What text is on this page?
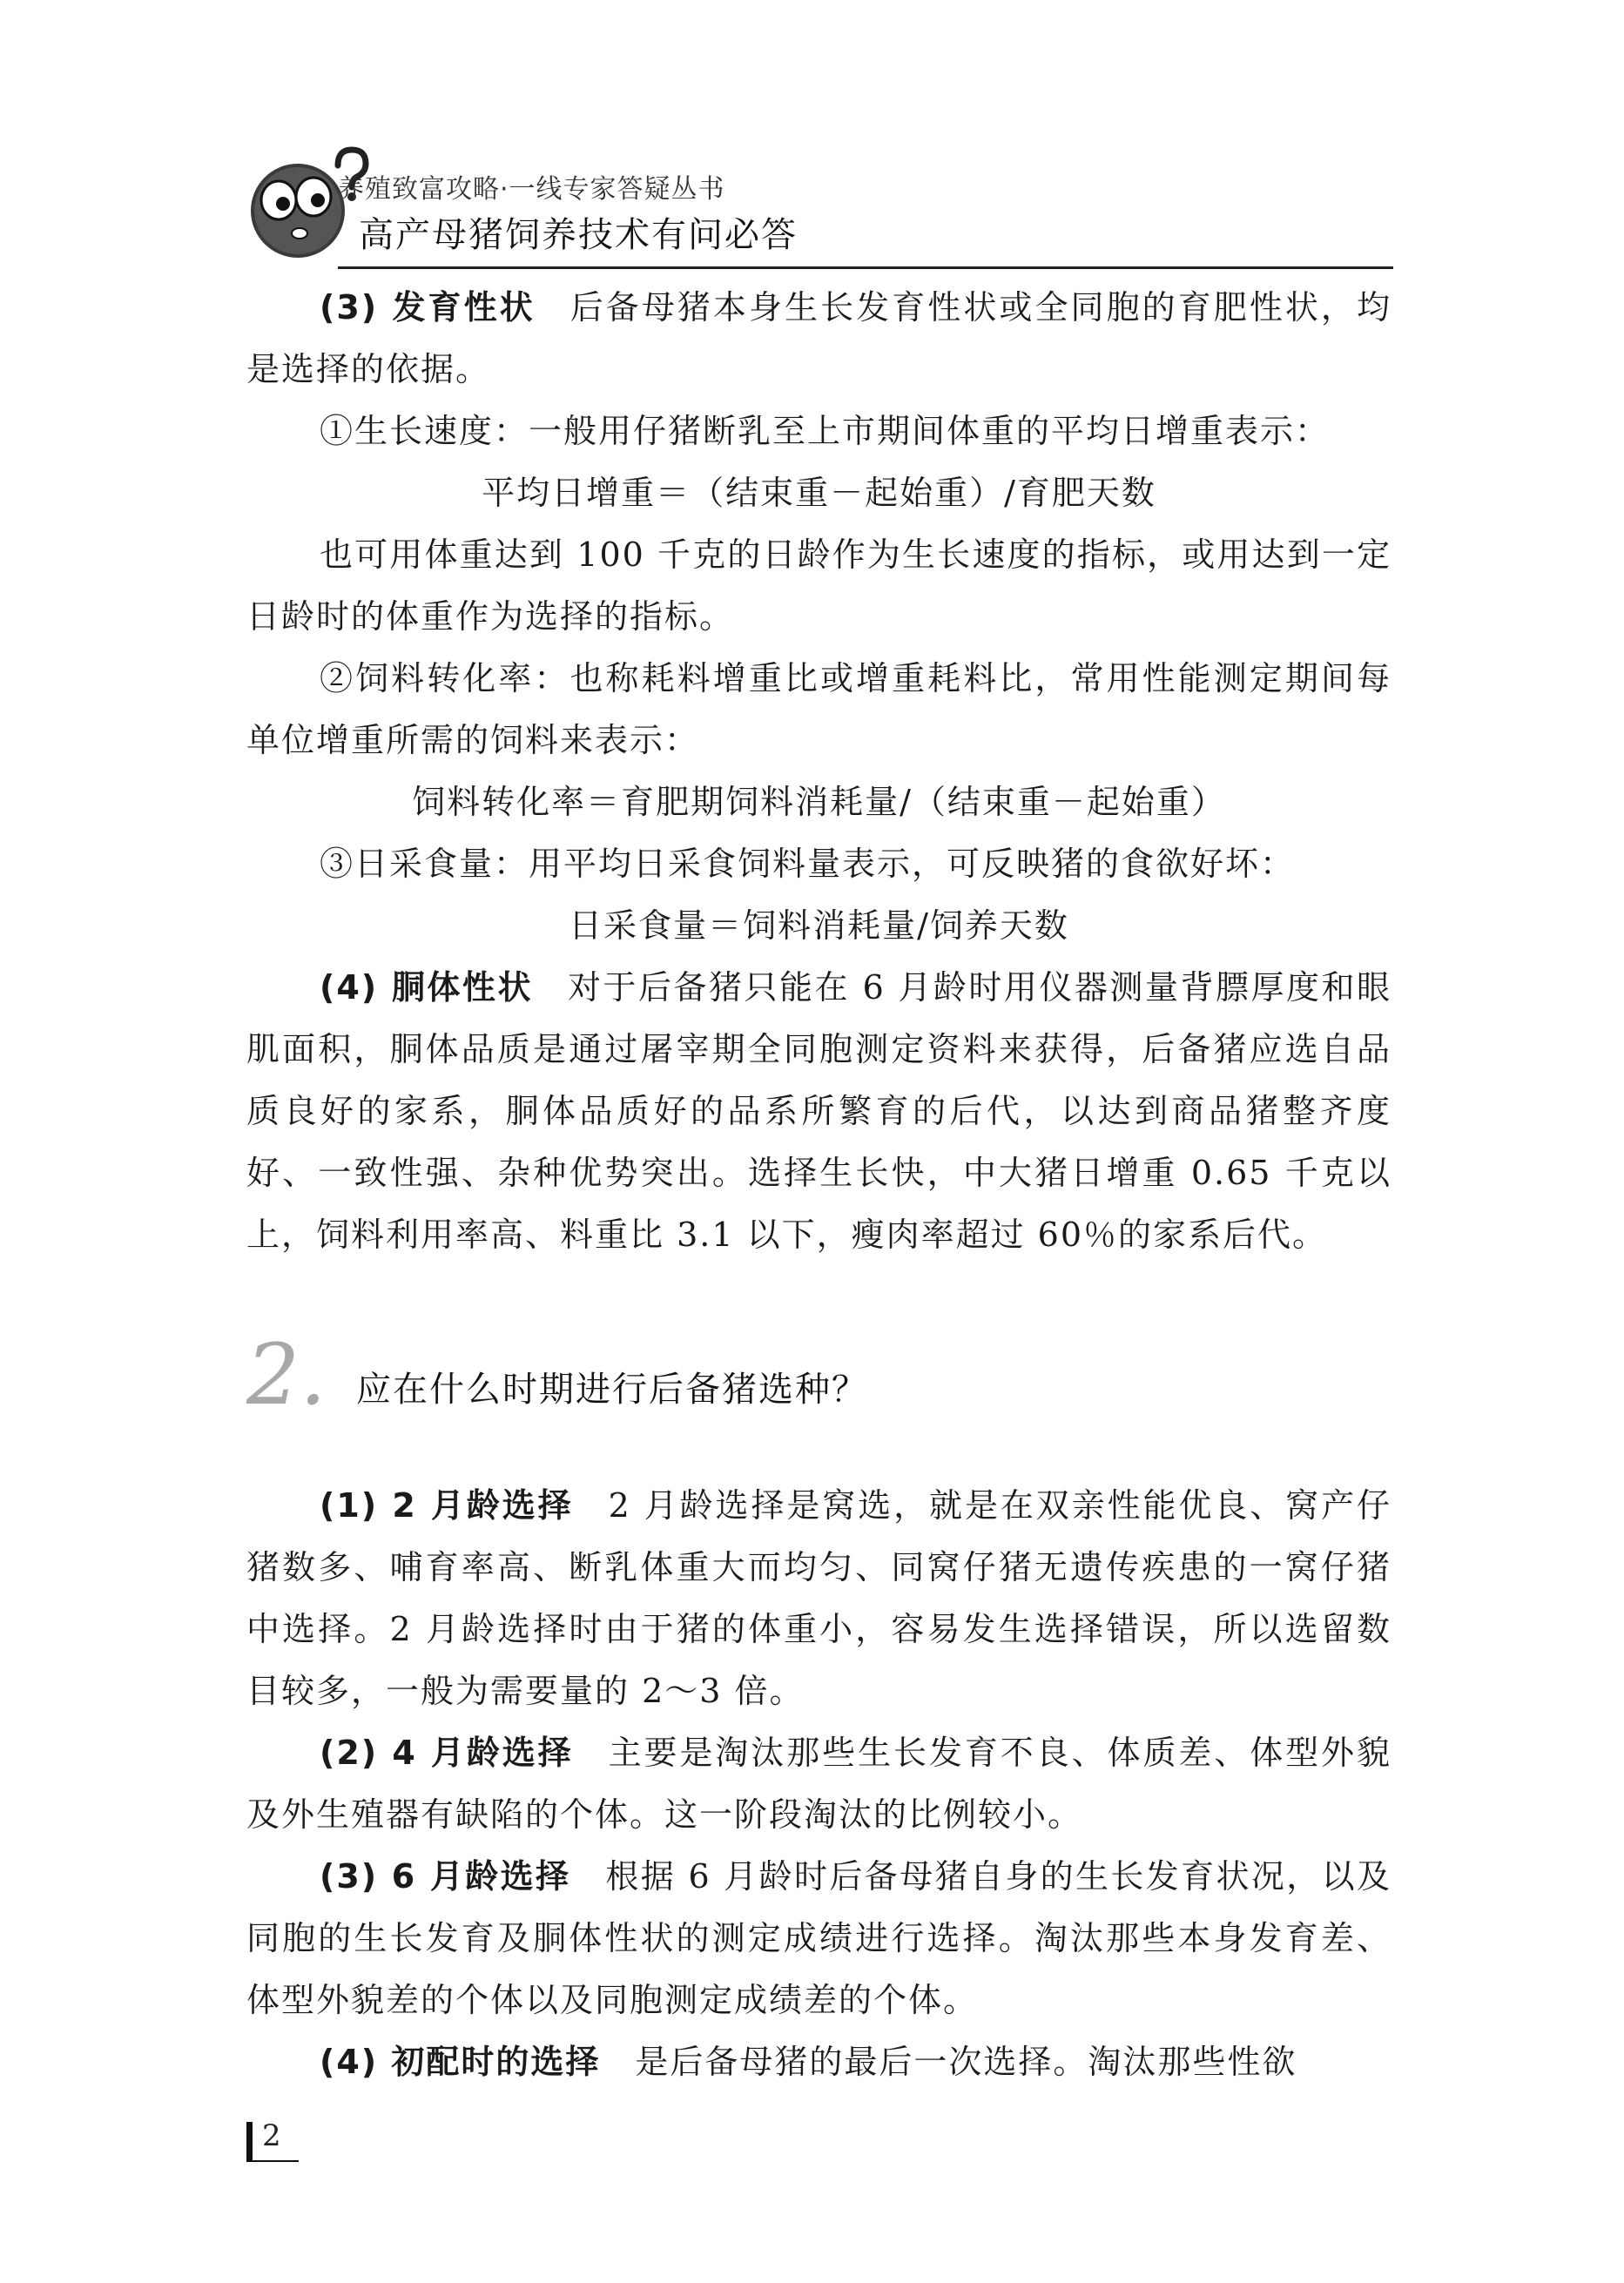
养殖致富攻略·一线专家答疑丛书
高产母猪饲养技术有问必答

(3) 发育性状 后备母猪本身生长发育性状或全同胞的育肥性状，均是选择的依据。

①生长速度：一般用仔猪断乳至上市期间体重的平均日增重表示：

平均日增重＝（结束重－起始重）/育肥天数

也可用体重达到 100 千克的日龄作为生长速度的指标，或用达到一定日龄时的体重作为选择的指标。

②饲料转化率：也称耗料增重比或增重耗料比，常用性能测定期间每单位增重所需的饲料来表示：

饲料转化率＝育肥期饲料消耗量/（结束重－起始重）

③日采食量：用平均日采食饲料量表示，可反映猪的食欲好坏：

日采食量＝饲料消耗量/饲养天数

(4) 胴体性状 对于后备猪只能在 6 月龄时用仪器测量背膘厚度和眼肌面积，胴体品质是通过屠宰期全同胞测定资料来获得，后备猪应选自品质良好的家系，胴体品质好的品系所繁育的后代，以达到商品猪整齐度好、一致性强、杂种优势突出。选择生长快，中大猪日增重 0.65 千克以上，饲料利用率高、料重比 3.1 以下，瘦肉率超过 60％的家系后代。

2. 应在什么时期进行后备猪选种？

(1) 2 月龄选择 2 月龄选择是窝选，就是在双亲性能优良、窝产仔猪数多、哺育率高、断乳体重大而均匀、同窝仔猪无遗传疾患的一窝仔猪中选择。2 月龄选择时由于猪的体重小，容易发生选择错误，所以选留数目较多，一般为需要量的 2～3 倍。

(2) 4 月龄选择 主要是淘汰那些生长发育不良、体质差、体型外貌及外生殖器有缺陷的个体。这一阶段淘汰的比例较小。

(3) 6 月龄选择 根据 6 月龄时后备母猪自身的生长发育状况，以及同胞的生长发育及胴体性状的测定成绩进行选择。淘汰那些本身发育差、体型外貌差的个体以及同胞测定成绩差的个体。

(4) 初配时的选择 是后备母猪的最后一次选择。淘汰那些性欲

2
